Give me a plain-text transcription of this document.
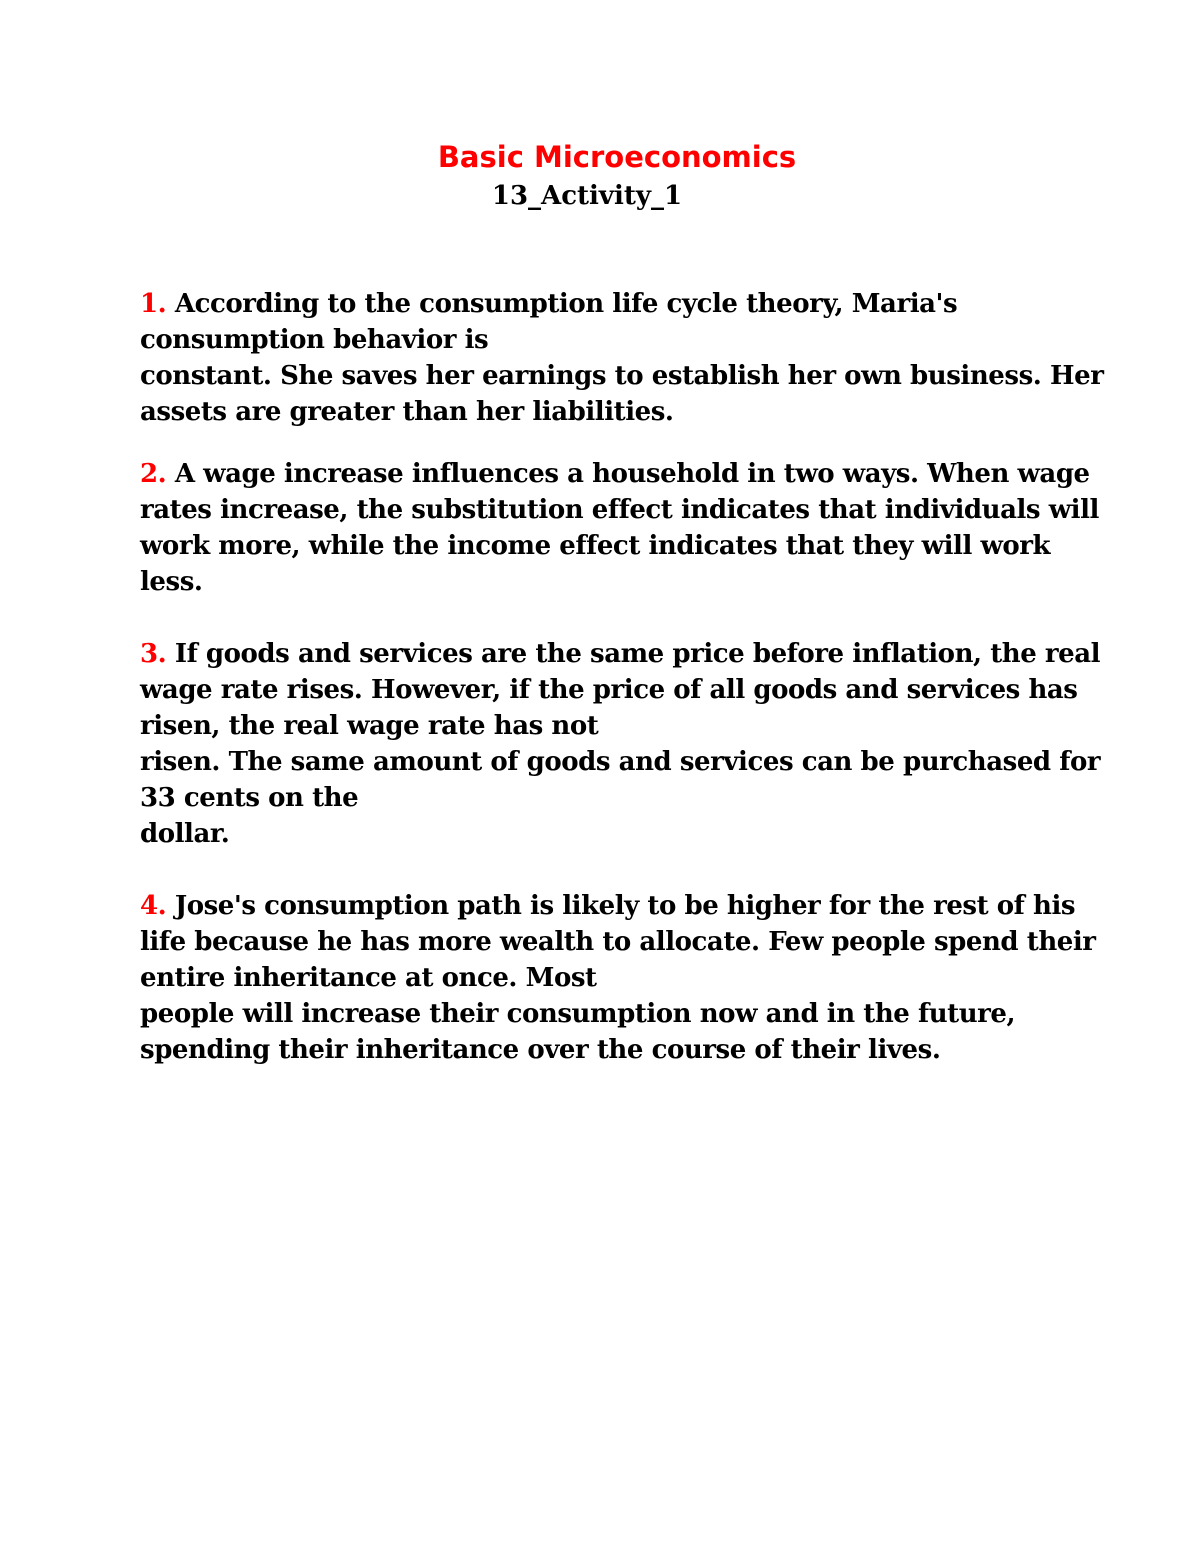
Basic Microeconomics
13_Activity_1

1. According to the consumption life cycle theory, Maria's
consumption behavior is
constant. She saves her earnings to establish her own business. Her
assets are greater than her liabilities.

2. A wage increase influences a household in two ways. When wage
rates increase, the substitution effect indicates that individuals will
work more, while the income effect indicates that they will work
less.

3. If goods and services are the same price before inflation, the real
wage rate rises. However, if the price of all goods and services has
risen, the real wage rate has not
risen. The same amount of goods and services can be purchased for
33 cents on the
dollar.

4. Jose's consumption path is likely to be higher for the rest of his
life because he has more wealth to allocate. Few people spend their
entire inheritance at once. Most
people will increase their consumption now and in the future,
spending their inheritance over the course of their lives.
